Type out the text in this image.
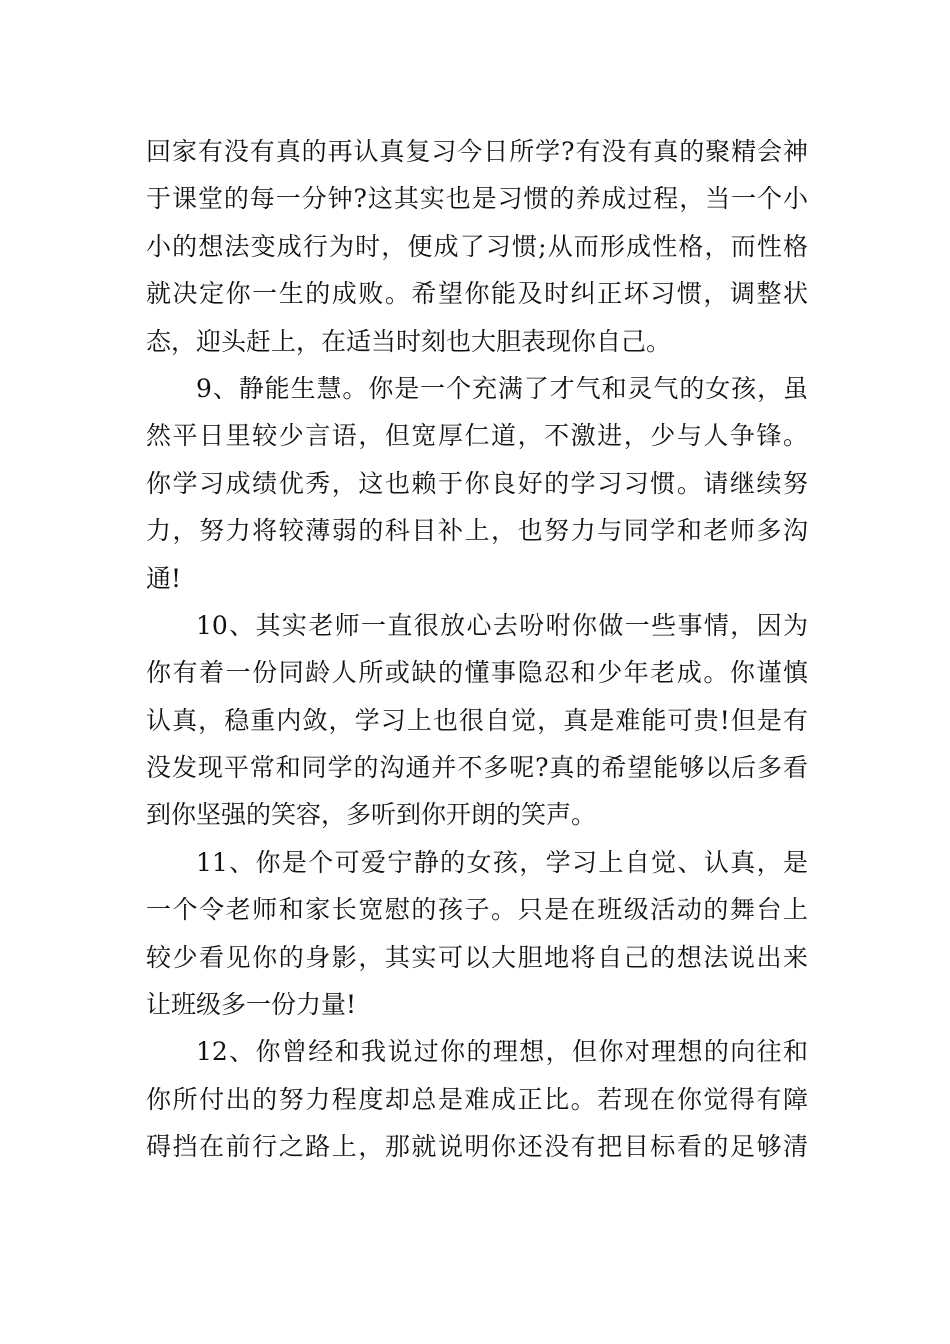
回家有没有真的再认真复习今日所学?有没有真的聚精会神
于课堂的每一分钟?这其实也是习惯的养成过程，当一个小
小的想法变成行为时，便成了习惯;从而形成性格，而性格
就决定你一生的成败。希望你能及时纠正坏习惯，调整状
态，迎头赶上，在适当时刻也大胆表现你自己。
9、静能生慧。你是一个充满了才气和灵气的女孩，虽
然平日里较少言语，但宽厚仁道，不激进，少与人争锋。
你学习成绩优秀，这也赖于你良好的学习习惯。请继续努
力，努力将较薄弱的科目补上，也努力与同学和老师多沟
通!
10、其实老师一直很放心去吩咐你做一些事情，因为
你有着一份同龄人所或缺的懂事隐忍和少年老成。你谨慎
认真，稳重内敛，学习上也很自觉，真是难能可贵!但是有
没发现平常和同学的沟通并不多呢?真的希望能够以后多看
到你坚强的笑容，多听到你开朗的笑声。
11、你是个可爱宁静的女孩，学习上自觉、认真，是
一个令老师和家长宽慰的孩子。只是在班级活动的舞台上
较少看见你的身影，其实可以大胆地将自己的想法说出来
让班级多一份力量!
12、你曾经和我说过你的理想，但你对理想的向往和
你所付出的努力程度却总是难成正比。若现在你觉得有障
碍挡在前行之路上，那就说明你还没有把目标看的足够清
